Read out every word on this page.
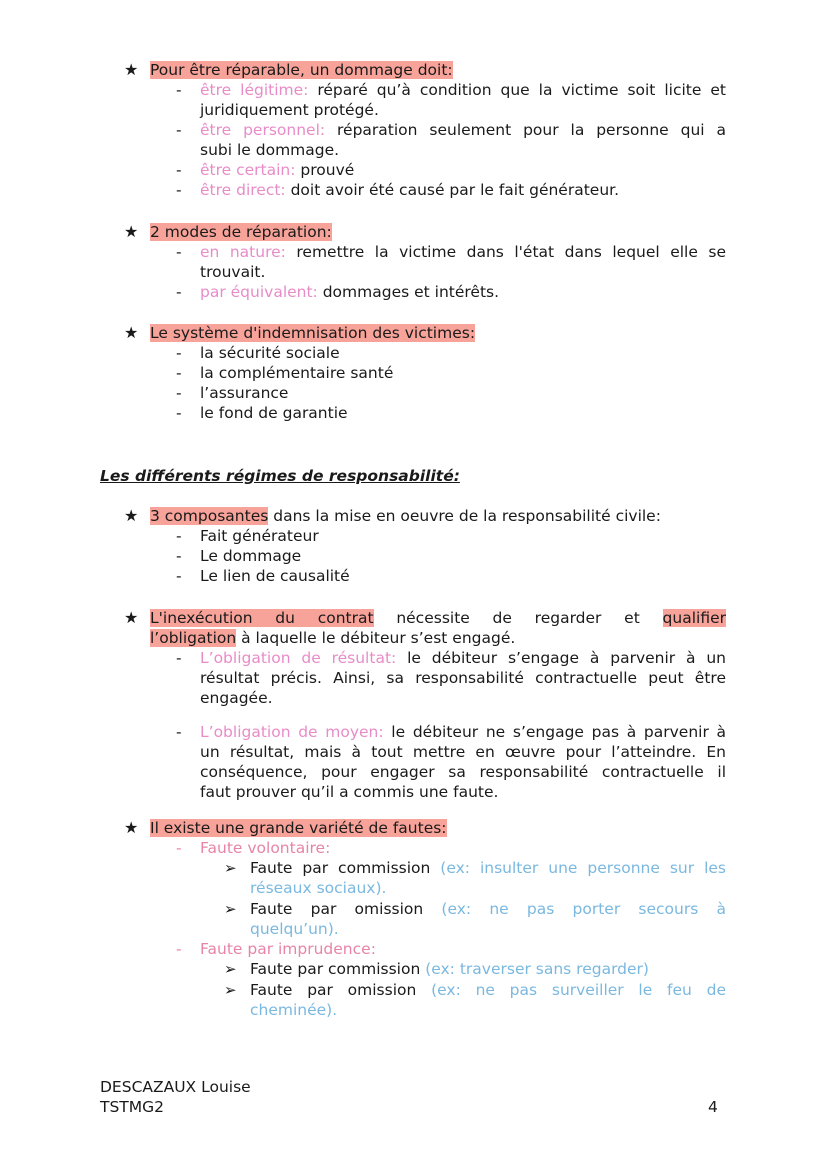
★ Pour être réparable, un dommage doit:
- être légitime: réparé qu’à condition que la victime soit licite et
juridiquement protégé.
- être personnel: réparation seulement pour la personne qui a
subi le dommage.
- être certain: prouvé
- être direct: doit avoir été causé par le fait générateur.
★ 2 modes de réparation:
- en nature: remettre la victime dans l'état dans lequel elle se
trouvait.
- par équivalent: dommages et intérêts.
★ Le système d'indemnisation des victimes:
- la sécurité sociale
- la complémentaire santé
- l’assurance
- le fond de garantie
Les différents régimes de responsabilité:
★ 3 composantes dans la mise en oeuvre de la responsabilité civile:
- Fait générateur
- Le dommage
- Le lien de causalité
★ L'inexécution du contrat nécessite de regarder et qualifier
l’obligation à laquelle le débiteur s’est engagé.
- L’obligation de résultat: le débiteur s’engage à parvenir à un
résultat précis. Ainsi, sa responsabilité contractuelle peut être
engagée.
- L’obligation de moyen: le débiteur ne s’engage pas à parvenir à
un résultat, mais à tout mettre en œuvre pour l’atteindre. En
conséquence, pour engager sa responsabilité contractuelle il
faut prouver qu’il a commis une faute.
★ Il existe une grande variété de fautes:
- Faute volontaire:
➢ Faute par commission (ex: insulter une personne sur les
réseaux sociaux).
➢ Faute par omission (ex: ne pas porter secours à
quelqu’un).
- Faute par imprudence:
➢ Faute par commission (ex: traverser sans regarder)
➢ Faute par omission (ex: ne pas surveiller le feu de
cheminée).
DESCAZAUX Louise
TSTMG2	4
